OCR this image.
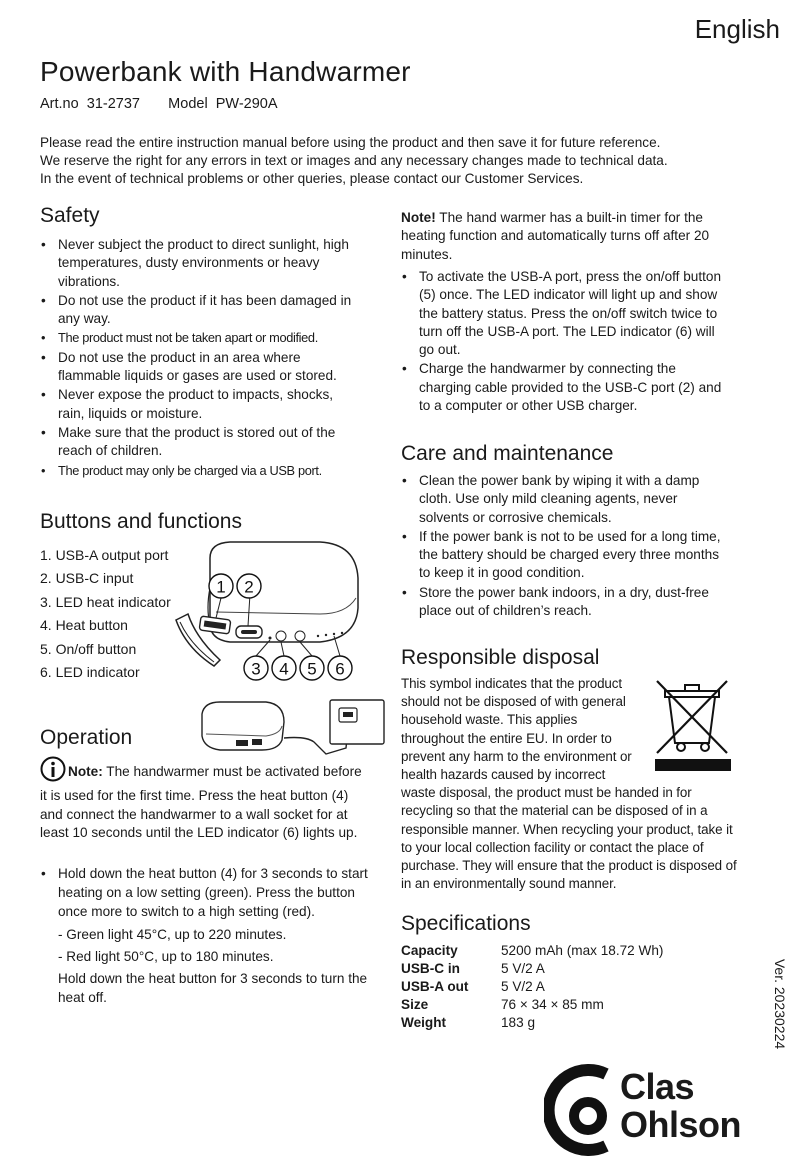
English
Powerbank with Handwarmer
Art.no 31-2737 Model PW-290A
Please read the entire instruction manual before using the product and then save it for future reference.
We reserve the right for any errors in text or images and any necessary changes made to technical data.
In the event of technical problems or other queries, please contact our Customer Services.
Safety
• Never subject the product to direct sunlight, high temperatures, dusty environments or heavy vibrations.
• Do not use the product if it has been damaged in any way.
• The product must not be taken apart or modified.
• Do not use the product in an area where flammable liquids or gases are used or stored.
• Never expose the product to impacts, shocks, rain, liquids or moisture.
• Make sure that the product is stored out of the reach of children.
• The product may only be charged via a USB port.
Buttons and functions
1. USB-A output port
2. USB-C input
3. LED heat indicator
4. Heat button
5. On/off button
6. LED indicator
1 2
3 4 5 6
Operation
Note: The handwarmer must be activated before it is used for the first time. Press the heat button (4) and connect the handwarmer to a wall socket for at least 10 seconds until the LED indicator (6) lights up.
• Hold down the heat button (4) for 3 seconds to start heating on a low setting (green). Press the button once more to switch to a high setting (red).
- Green light 45°C, up to 220 minutes.
- Red light 50°C, up to 180 minutes.
Hold down the heat button for 3 seconds to turn the heat off.
Note! The hand warmer has a built-in timer for the heating function and automatically turns off after 20 minutes.
• To activate the USB-A port, press the on/off button (5) once. The LED indicator will light up and show the battery status. Press the on/off switch twice to turn off the USB-A port. The LED indicator (6) will go out.
• Charge the handwarmer by connecting the charging cable provided to the USB-C port (2) and to a computer or other USB charger.
Care and maintenance
• Clean the power bank by wiping it with a damp cloth. Use only mild cleaning agents, never solvents or corrosive chemicals.
• If the power bank is not to be used for a long time, the battery should be charged every three months to keep it in good condition.
• Store the power bank indoors, in a dry, dust-free place out of children’s reach.
Responsible disposal
This symbol indicates that the product should not be disposed of with general household waste. This applies throughout the entire EU. In order to prevent any harm to the environment or health hazards caused by incorrect waste disposal, the product must be handed in for recycling so that the material can be disposed of in a responsible manner. When recycling your product, take it to your local collection facility or contact the place of purchase. They will ensure that the product is disposed of in an environmentally sound manner.
Specifications
Capacity	5200 mAh (max 18.72 Wh)
USB-C in	5 V/2 A
USB-A out	5 V/2 A
Size	76 × 34 × 85 mm
Weight	183 g	Ver. 20230224
Clas
Ohlson
